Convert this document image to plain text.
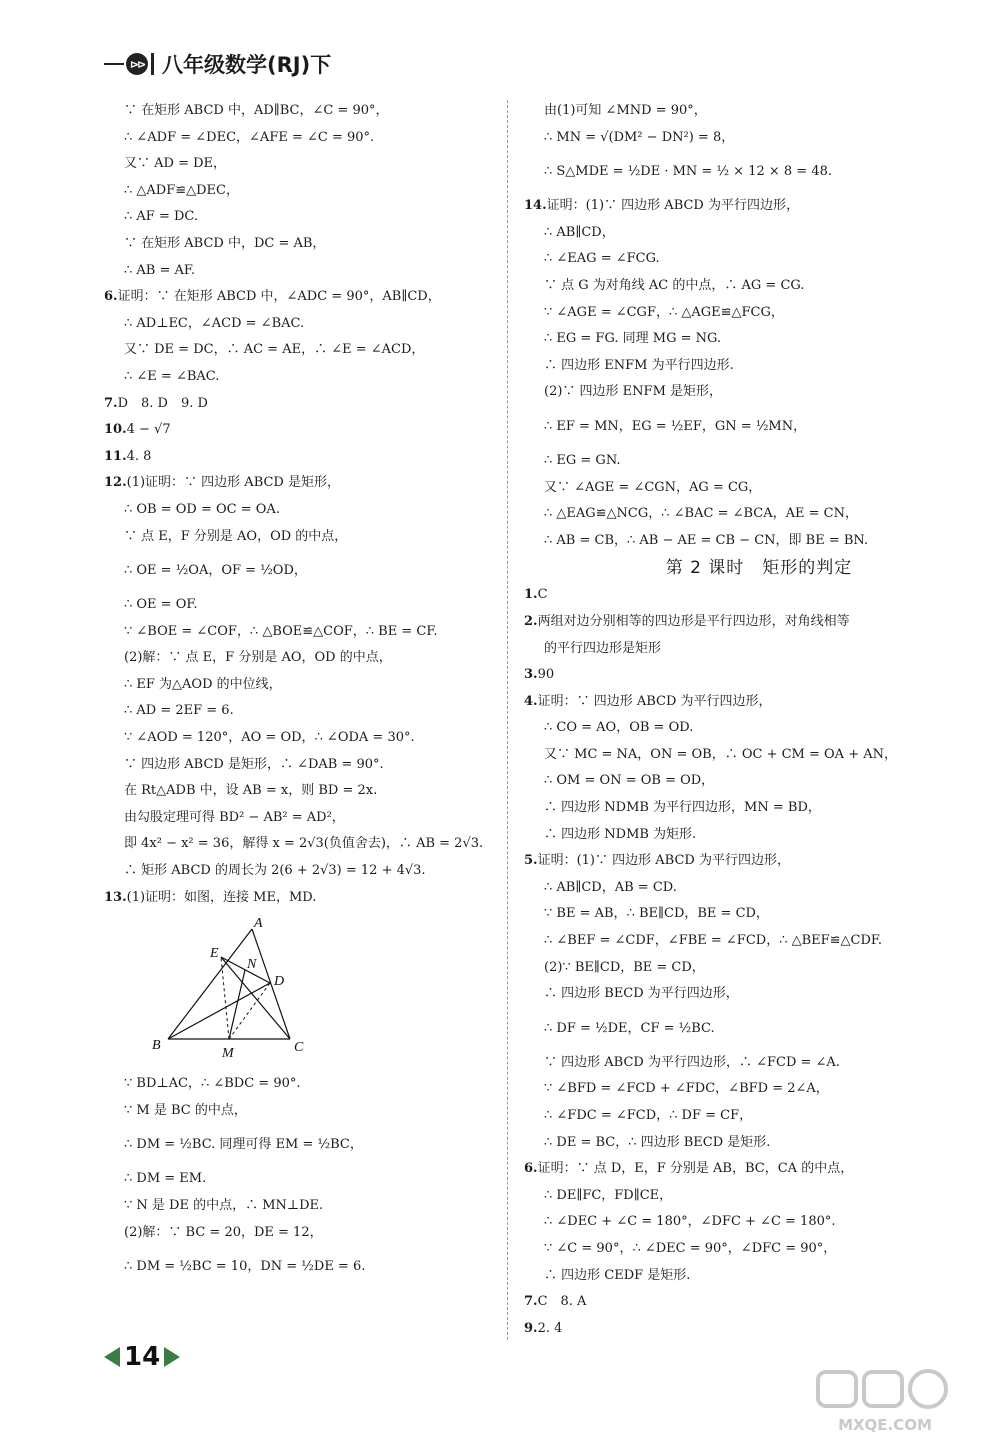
⊳⊳ 八年级数学(RJ)下
∵ 在矩形 ABCD 中，AD∥BC，∠C = 90°，
∴ ∠ADF = ∠DEC，∠AFE = ∠C = 90°.
又∵ AD = DE，
∴ △ADF≌△DEC，
∴ AF = DC.
∵ 在矩形 ABCD 中，DC = AB，
∴ AB = AF.
6.证明：∵ 在矩形 ABCD 中，∠ADC = 90°，AB∥CD，
∴ AD⊥EC，∠ACD = ∠BAC.
又∵ DE = DC，∴ AC = AE，∴ ∠E = ∠ACD，
∴ ∠E = ∠BAC.
7.D　8. D　9. D
10.4 − √7
11.4. 8
12.(1)证明：∵ 四边形 ABCD 是矩形，
∴ OB = OD = OC = OA.
∵ 点 E，F 分别是 AO，OD 的中点，
∴ OE = ½OA，OF = ½OD，
∴ OE = OF.
∵ ∠BOE = ∠COF，∴ △BOE≌△COF，∴ BE = CF.
(2)解：∵ 点 E，F 分别是 AO，OD 的中点，
∴ EF 为△AOD 的中位线，
∴ AD = 2EF = 6.
∵ ∠AOD = 120°，AO = OD，∴ ∠ODA = 30°.
∵ 四边形 ABCD 是矩形，∴ ∠DAB = 90°.
在 Rt△ADB 中，设 AB = x，则 BD = 2x.
由勾股定理可得 BD² − AB² = AD²，
即 4x² − x² = 36，解得 x = 2√3(负值舍去)，∴ AB = 2√3.
∴ 矩形 ABCD 的周长为 2(6 + 2√3) = 12 + 4√3.
13.(1)证明：如图，连接 ME，MD.
A
E
N
D
B
M	C
∵ BD⊥AC，∴ ∠BDC = 90°.
∵ M 是 BC 的中点，
∴ DM = ½BC. 同理可得 EM = ½BC，
∴ DM = EM.
∵ N 是 DE 的中点，∴ MN⊥DE.
(2)解：∵ BC = 20，DE = 12，
∴ DM = ½BC = 10，DN = ½DE = 6.
由(1)可知 ∠MND = 90°，
∴ MN = √(DM² − DN²) = 8，
∴ S△MDE = ½DE · MN = ½ × 12 × 8 = 48.
14.证明：(1)∵ 四边形 ABCD 为平行四边形，
∴ AB∥CD，
∴ ∠EAG = ∠FCG.
∵ 点 G 为对角线 AC 的中点，∴ AG = CG.
∵ ∠AGE = ∠CGF，∴ △AGE≌△FCG，
∴ EG = FG. 同理 MG = NG.
∴ 四边形 ENFM 为平行四边形.
(2)∵ 四边形 ENFM 是矩形，
∴ EF = MN，EG = ½EF，GN = ½MN，
∴ EG = GN.
又∵ ∠AGE = ∠CGN，AG = CG，
∴ △EAG≌△NCG，∴ ∠BAC = ∠BCA，AE = CN，
∴ AB = CB，∴ AB − AE = CB − CN，即 BE = BN.
第 2 课时　矩形的判定
1.C
2.两组对边分别相等的四边形是平行四边形，对角线相等
的平行四边形是矩形
3.90
4.证明：∵ 四边形 ABCD 为平行四边形，
∴ CO = AO，OB = OD.
又∵ MC = NA，ON = OB，∴ OC + CM = OA + AN，
∴ OM = ON = OB = OD，
∴ 四边形 NDMB 为平行四边形，MN = BD，
∴ 四边形 NDMB 为矩形.
5.证明：(1)∵ 四边形 ABCD 为平行四边形，
∴ AB∥CD，AB = CD.
∵ BE = AB，∴ BE∥CD，BE = CD，
∴ ∠BEF = ∠CDF，∠FBE = ∠FCD，∴ △BEF≌△CDF.
(2)∵ BE∥CD，BE = CD，
∴ 四边形 BECD 为平行四边形，
∴ DF = ½DE，CF = ½BC.
∵ 四边形 ABCD 为平行四边形，∴ ∠FCD = ∠A.
∵ ∠BFD = ∠FCD + ∠FDC，∠BFD = 2∠A，
∴ ∠FDC = ∠FCD，∴ DF = CF，
∴ DE = BC，∴ 四边形 BECD 是矩形.
6.证明：∵ 点 D，E，F 分别是 AB，BC，CA 的中点，
∴ DE∥FC，FD∥CE，
∴ ∠DEC + ∠C = 180°，∠DFC + ∠C = 180°.
∵ ∠C = 90°，∴ ∠DEC = 90°，∠DFC = 90°，
∴ 四边形 CEDF 是矩形.
7.C　8. A
9.2. 4
14
MXQE.COM
